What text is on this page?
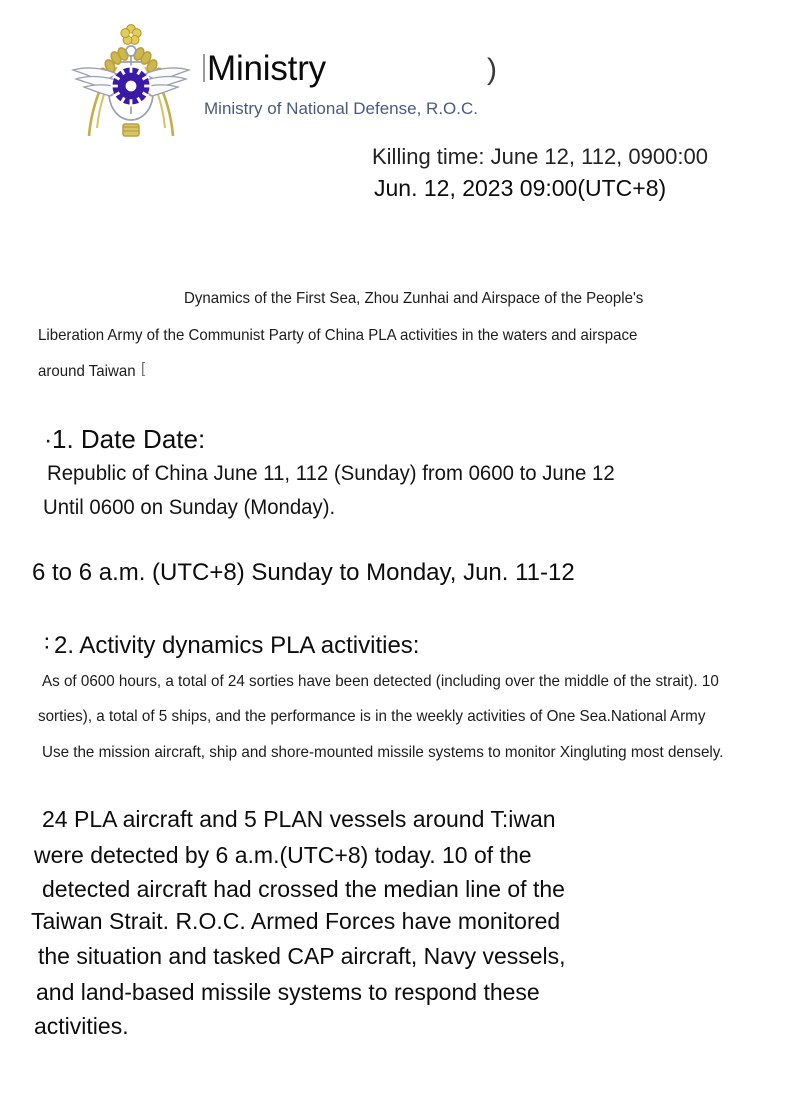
Ministry	)
Ministry of National Defense, R.O.C.
Killing time: June 12, 112, 0900:00
Jun. 12, 2023 09:00(UTC+8)
Dynamics of the First Sea, Zhou Zunhai and Airspace of the People's
Liberation Army of the Communist Party of China PLA activities in the waters and airspace
around Taiwan [
· 1. Date Date:
Republic of China June 11, 112 (Sunday) from 0600 to June 12
Until 0600 on Sunday (Monday).
6 to 6 a.m. (UTC+8) Sunday to Monday, Jun. 11-12
∶ 2. Activity dynamics PLA activities:
As of 0600 hours, a total of 24 sorties have been detected (including over the middle of the strait). 10
sorties), a total of 5 ships, and the performance is in the weekly activities of One Sea.National Army
Use the mission aircraft, ship and shore-mounted missile systems to monitor Xingluting most densely.
24 PLA aircraft and 5 PLAN vessels around T:iwan
were detected by 6 a.m.(UTC+8) today. 10 of the
detected aircraft had crossed the median line of the
Taiwan Strait. R.O.C. Armed Forces have monitored
the situation and tasked CAP aircraft, Navy vessels,
and land-based missile systems to respond these
activities.
